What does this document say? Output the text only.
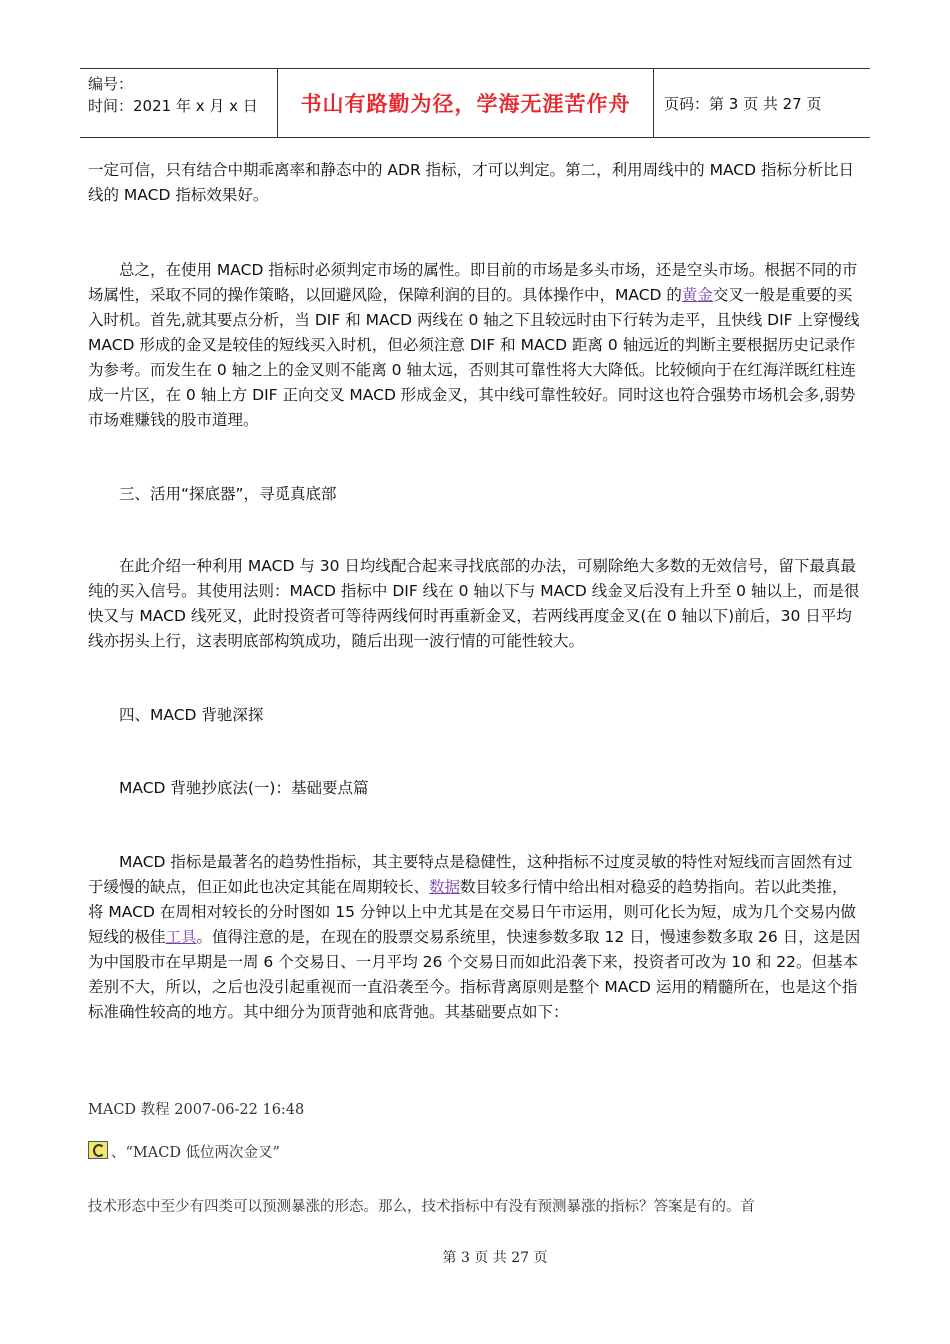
编号：
时间：2021 年 x 月 x 日	书山有路勤为径，学海无涯苦作舟	页码：第 3 页 共 27 页

一定可信，只有结合中期乖离率和静态中的 ADR 指标，才可以判定。第二，利用周线中的 MACD 指标分析比日线的 MACD 指标效果好。

总之，在使用 MACD 指标时必须判定市场的属性。即目前的市场是多头市场，还是空头市场。根据不同的市场属性，采取不同的操作策略，以回避风险，保障利润的目的。具体操作中，MACD 的黄金交叉一般是重要的买入时机。首先,就其要点分析，当 DIF 和 MACD 两线在 0 轴之下且较远时由下行转为走平，且快线 DIF 上穿慢线 MACD 形成的金叉是较佳的短线买入时机，但必须注意 DIF 和 MACD 距离 0 轴远近的判断主要根据历史记录作为参考。而发生在 0 轴之上的金叉则不能离 0 轴太远，否则其可靠性将大大降低。比较倾向于在红海洋既红柱连成一片区，在 0 轴上方 DIF 正向交叉 MACD 形成金叉，其中线可靠性较好。同时这也符合强势市场机会多,弱势市场难赚钱的股市道理。

三、活用“探底器”，寻觅真底部

在此介绍一种利用 MACD 与 30 日均线配合起来寻找底部的办法，可剔除绝大多数的无效信号，留下最真最纯的买入信号。其使用法则：MACD 指标中 DIF 线在 0 轴以下与 MACD 线金叉后没有上升至 0 轴以上，而是很快又与 MACD 线死叉，此时投资者可等待两线何时再重新金叉，若两线再度金叉(在 0 轴以下)前后，30 日平均线亦拐头上行，这表明底部构筑成功，随后出现一波行情的可能性较大。

四、MACD 背驰深探

MACD 背驰抄底法(一)：基础要点篇

MACD 指标是最著名的趋势性指标，其主要特点是稳健性，这种指标不过度灵敏的特性对短线而言固然有过于缓慢的缺点，但正如此也决定其能在周期较长、数据数目较多行情中给出相对稳妥的趋势指向。若以此类推，将 MACD 在周相对较长的分时图如 15 分钟以上中尤其是在交易日午市运用，则可化长为短，成为几个交易内做短线的极佳工具。值得注意的是，在现在的股票交易系统里，快速参数多取 12 日，慢速参数多取 26 日，这是因为中国股市在早期是一周 6 个交易日、一月平均 26 个交易日而如此沿袭下来，投资者可改为 10 和 22。但基本差别不大，所以，之后也没引起重视而一直沿袭至今。指标背离原则是整个 MACD 运用的精髓所在，也是这个指标准确性较高的地方。其中细分为顶背弛和底背弛。其基础要点如下：

MACD 教程 2007-06-22 16:48

、“MACD 低位两次金叉”

技术形态中至少有四类可以预测暴涨的形态。那么，技术指标中有没有预测暴涨的指标？答案是有的。首

第 3 页 共 27 页
